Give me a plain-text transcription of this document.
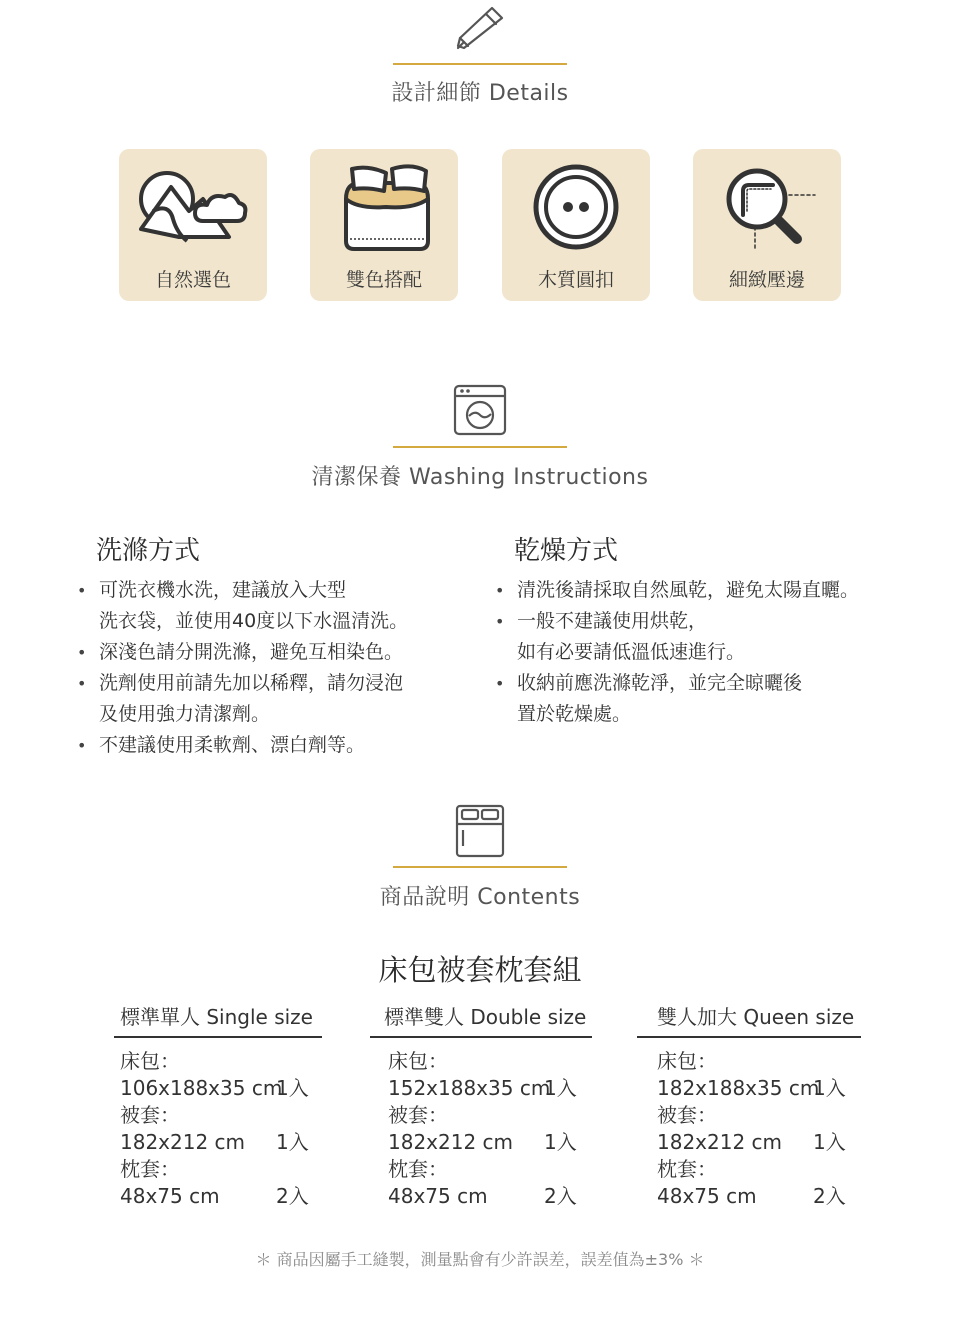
設計細節 Details
自然選色	雙色搭配	木質圓扣	細緻壓邊
清潔保養 Washing Instructions
洗滌方式
• 可洗衣機水洗，建議放入大型
洗衣袋，並使用40度以下水溫清洗。
• 深淺色請分開洗滌，避免互相染色。
• 洗劑使用前請先加以稀釋，請勿浸泡
及使用強力清潔劑。
• 不建議使用柔軟劑、漂白劑等。
乾燥方式
• 清洗後請採取自然風乾，避免太陽直曬。
• 一般不建議使用烘乾，
如有必要請低溫低速進行。
• 收納前應洗滌乾淨，並完全晾曬後
置於乾燥處。
商品說明 Contents
床包被套枕套組
標準單人 Single size
床包：
106x188x35 cm
1入
被套：
182x212 cm 1入
枕套：
48x75 cm	2入
標準雙人 Double size
床包：
152x188x35 cm
1入
被套：
182x212 cm 1入
枕套：
48x75 cm	2入
雙人加大 Queen size
床包：
182x188x35 cm
1入
被套：
182x212 cm 1入
枕套：
48x75 cm	2入
＊ 商品因屬手工縫製，測量點會有少許誤差，誤差值為±3% ＊
